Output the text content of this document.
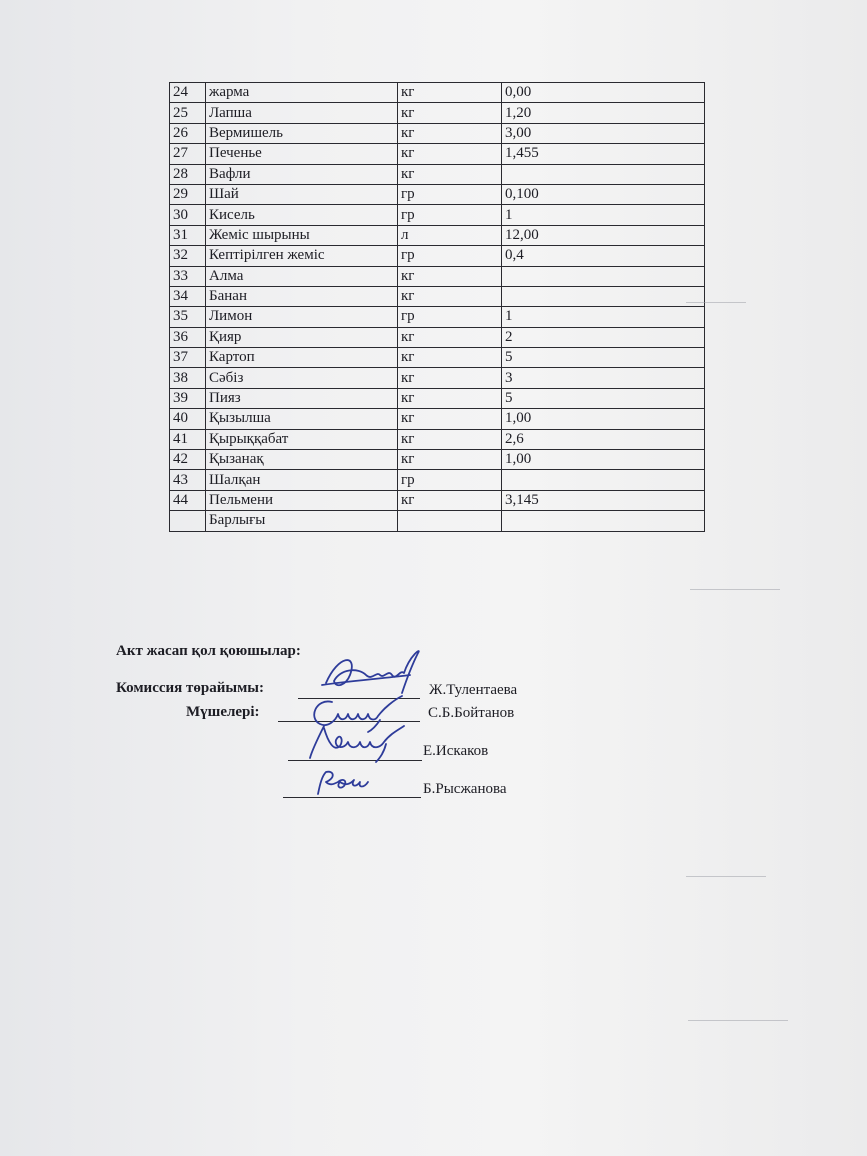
24	жарма	кг	0,00
25	Лапша	кг	1,20
26	Вермишель	кг	3,00
27	Печенье	кг	1,455
28	Вафли	кг	
29	Шай	гр	0,100
30	Кисель	гр	1
31	Жеміс шырыны	л	12,00
32	Кептірілген жеміс	гр	0,4
33	Алма	кг	
34	Банан	кг	
35	Лимон	гр	1
36	Қияр	кг	2
37	Картоп	кг	5
38	Сәбіз	кг	3
39	Пияз	кг	5
40	Қызылша	кг	1,00
41	Қырыққабат	кг	2,6
42	Қызанақ	кг	1,00
43	Шалқан	гр	
44	Пельмени	кг	3,145
	Барлығы		
Акт жасап қол қоюшылар:
Комиссия төрайымы:
Мүшелері:
Ж.Тулентаева
С.Б.Бойтанов
Е.Искаков
Б.Рысжанова
